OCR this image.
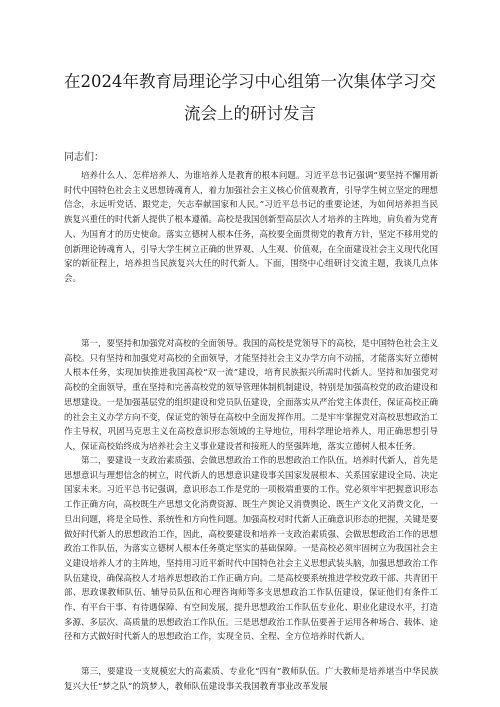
在2024年教育局理论学习中心组第一次集体学习交
流会上的研讨发言
同志们：

培养什么人、怎样培养人、为谁培养人是教育的根本问题。习近平总书记强调“要坚持不懈用新时代中国特色社会主义思想铸魂育人，着力加强社会主义核心价值观教育，引导学生树立坚定的理想信念，永远听党话、跟党走，矢志奉献国家和人民。”习近平总书记的重要论述，为如何培养担当民族复兴重任的时代新人提供了根本遵循。高校是我国创新型高层次人才培养的主阵地，肩负着为党育人、为国育才的历史使命。落实立德树人根本任务，高校要全面贯彻党的教育方针，坚定不移用党的创新理论铸魂育人，引导大学生树立正确的世界观、人生观、价值观，在全面建设社会主义现代化国家的新征程上，培养担当民族复兴大任的时代新人。下面，围绕中心组研讨交流主题，我谈几点体会。

第一，要坚持和加强党对高校的全面领导。我国的高校是党领导下的高校，是中国特色社会主义高校。只有坚持和加强党对高校的全面领导，才能坚持社会主义办学方向不动摇，才能落实好立德树人根本任务，实现加快推进我国高校“双一流”建设，培育民族振兴所需时代新人。坚持和加强党对高校的全面领导，重在坚持和完善高校党的领导管理体制机制建设，特别是加强高校党的政治建设和思想建设。一是加强基层党的组织建设和党员队伍建设，全面落实从严治党主体责任，保证高校正确的社会主义办学方向不变，保证党的领导在高校中全面发挥作用。二是牢牢掌握党对高校思想政治工作主导权，巩固马克思主义在高校意识形态领域的主导地位，用科学理论培养人，用正确思想引导人，保证高校始终成为培养社会主义事业建设者和接班人的坚强阵地，落实立德树人根本任务。

第二，要建设一支政治素质强、会做思想政治工作的思想政治工作队伍。培养时代新人，首先是思想意识与理想信念的树立，时代新人的思想意识建设事关国家发展根本、关系国家建设全局、决定国家未来。习近平总书记强调，意识形态工作是党的一项极端重要的工作。党必须牢牢把握意识形态工作正确方向，高校既生产思想文化消费资源、既生产舆论又消费舆论、既生产文化又消费文化，一旦出问题，将是全局性、系统性和方向性问题。加强高校对时代新人正确意识形态的把握，关键是要做好时代新人的思想政治工作，因此，高校要建设和培养一支政治素质强、会做思想政治工作的思想政治工作队伍，为落实立德树人根本任务奠定坚实的基础保障。一是高校必须牢固树立为我国社会主义建设培养人才的主阵地，坚持用习近平新时代中国特色社会主义思想武装头脑，加强思想政治工作队伍建设，确保高校人才培养思想政治工作正确方向。二是高校要系统推进学校党政干部、共青团干部、思政课教师队伍、辅导员队伍和心理咨询师等多支思想政治工作队伍建设，保证他们有条件工作、有平台干事、有待遇保障、有空间发展，提升思想政治工作队伍专业化、职业化建设水平，打造多源、多层次、高质量的思想政治工作队伍。三是思想政治工作队伍要善于运用各种场合、载体、途径和方式做好时代新人的思想政治工作，实现全员、全程、全方位培养时代新人。

第三，要建设一支规模宏大的高素质、专业化“四有”教师队伍。广大教师是培养堪当中华民族复兴大任“梦之队”的筑梦人，教师队伍建设事关我国教育事业改革发展
